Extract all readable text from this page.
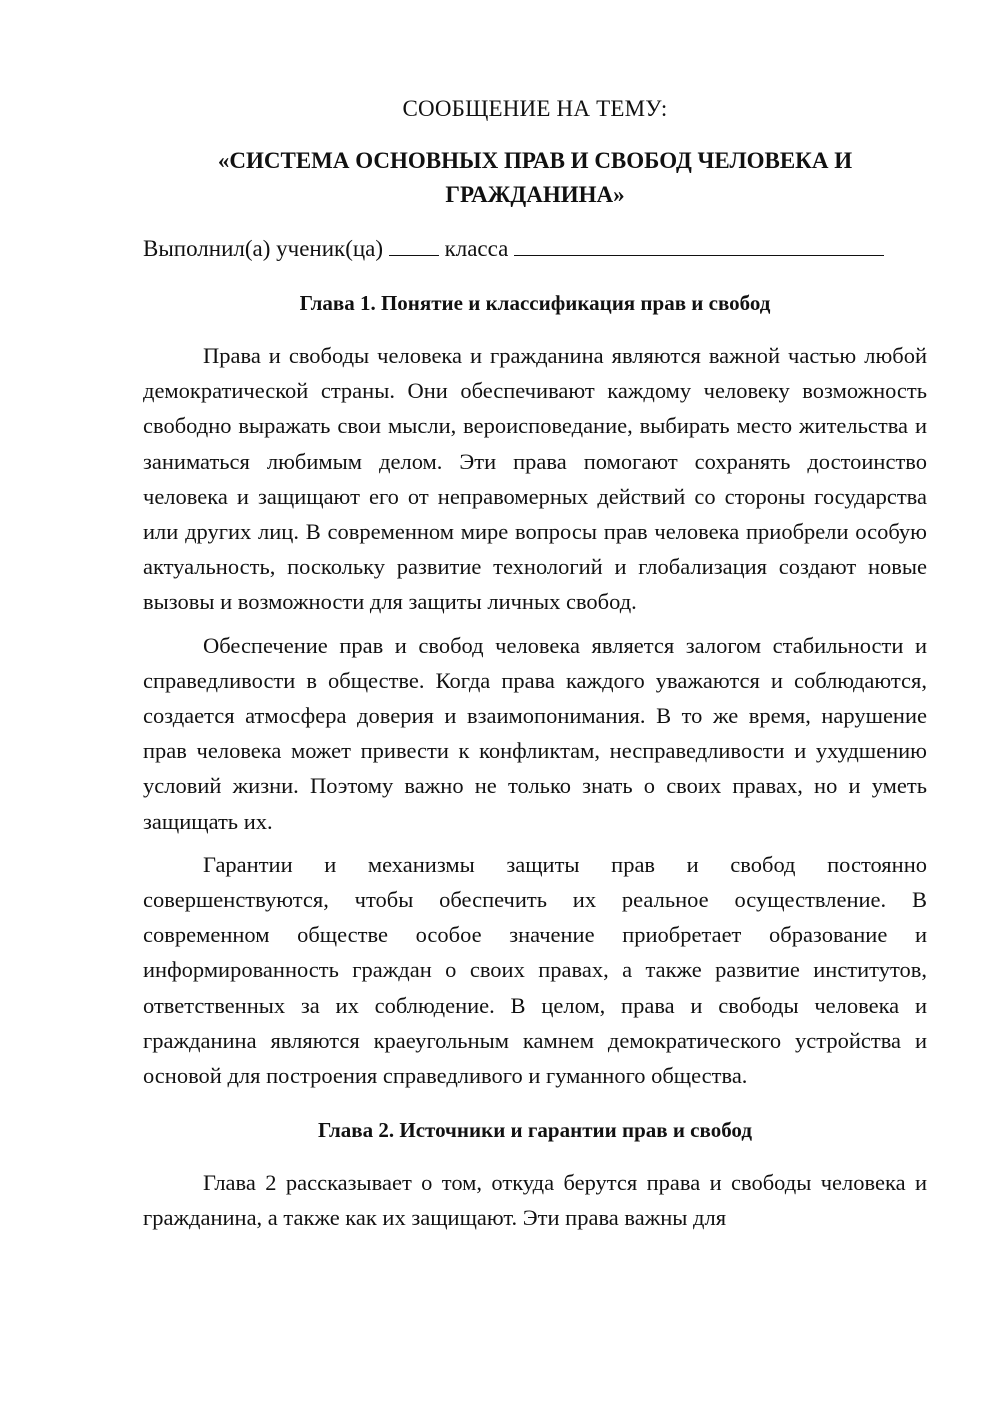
СООБЩЕНИЕ НА ТЕМУ:
«СИСТЕМА ОСНОВНЫХ ПРАВ И СВОБОД ЧЕЛОВЕКА И ГРАЖДАНИНА»
Выполнил(а) ученик(ца)	класса
Глава 1. Понятие и классификация прав и свобод

Права и свободы человека и гражданина являются важной частью любой демократической страны. Они обеспечивают каждому человеку возможность свободно выражать свои мысли, вероисповедание, выбирать место жительства и заниматься любимым делом. Эти права помогают сохранять достоинство человека и защищают его от неправомерных действий со стороны государства или других лиц. В современном мире вопросы прав человека приобрели особую актуальность, поскольку развитие технологий и глобализация создают новые вызовы и возможности для защиты личных свобод.

Обеспечение прав и свобод человека является залогом стабильности и справедливости в обществе. Когда права каждого уважаются и соблюдаются, создается атмосфера доверия и взаимопонимания. В то же время, нарушение прав человека может привести к конфликтам, несправедливости и ухудшению условий жизни. Поэтому важно не только знать о своих правах, но и уметь защищать их.

Гарантии и механизмы защиты прав и свобод постоянно совершенствуются, чтобы обеспечить их реальное осуществление. В современном обществе особое значение приобретает образование и информированность граждан о своих правах, а также развитие институтов, ответственных за их соблюдение. В целом, права и свободы человека и гражданина являются краеугольным камнем демократического устройства и основой для построения справедливого и гуманного общества.

Глава 2. Источники и гарантии прав и свобод

Глава 2 рассказывает о том, откуда берутся права и свободы человека и гражданина, а также как их защищают. Эти права важны для
